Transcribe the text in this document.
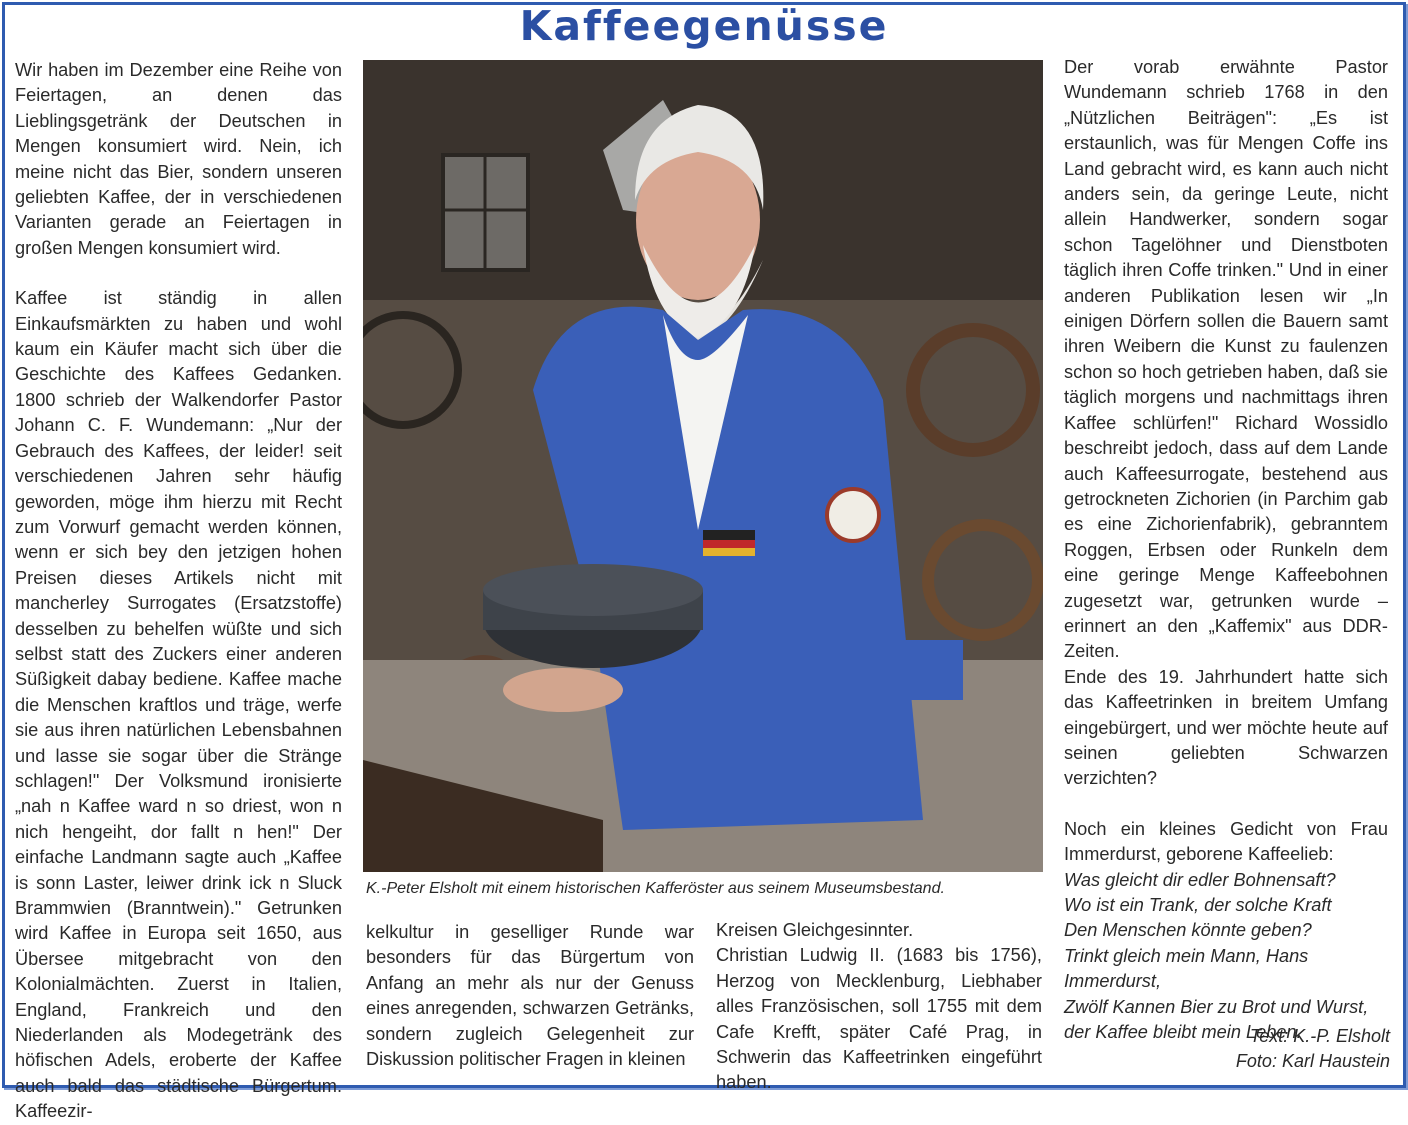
Kaffeegenüsse

Wir haben im Dezember eine Reihe von Feiertagen, an denen das Lieblingsgetränk der Deutschen in Mengen konsumiert wird. Nein, ich meine nicht das Bier, sondern unseren geliebten Kaffee, der in verschiedenen Varianten gerade an Feiertagen in großen Mengen konsumiert wird.

Kaffee ist ständig in allen Einkaufsmärkten zu haben und wohl kaum ein Käufer macht sich über die Geschichte des Kaffees Gedanken. 1800 schrieb der Walkendorfer Pastor Johann C. F. Wundemann: „Nur der Gebrauch des Kaffees, der leider! seit verschiedenen Jahren sehr häufig geworden, möge ihm hierzu mit Recht zum Vorwurf gemacht werden können, wenn er sich bey den jetzigen hohen Preisen dieses Artikels nicht mit mancherley Surrogates (Ersatzstoffe) desselben zu behelfen wüßte und sich selbst statt des Zuckers einer anderen Süßigkeit dabay bediene. Kaffee mache die Menschen kraftlos und träge, werfe sie aus ihren natürlichen Lebensbahnen und lasse sie sogar über die Stränge schlagen!" Der Volksmund ironisierte „nah n Kaffee ward n so driest, won n nich hengeiht, dor fallt n hen!" Der einfache Landmann sagte auch „Kaffee is sonn Laster, leiwer drink ick n Sluck Brammwien (Branntwein)." Getrunken wird Kaffee in Europa seit 1650, aus Übersee mitgebracht von den Kolonialmächten. Zuerst in Italien, England, Frankreich und den Niederlanden als Modegetränk des höfischen Adels, eroberte der Kaffee auch bald das städtische Bürgertum. Kaffeezir-

K.-Peter Elsholt mit einem historischen Kafferöster aus seinem Museumsbestand.

kelkultur in geselliger Runde war besonders für das Bürgertum von Anfang an mehr als nur der Genuss eines anregenden, schwarzen Getränks, sondern zugleich Gelegenheit zur Diskussion politischer Fragen in kleinen

Kreisen Gleichgesinnter.

Christian Ludwig II. (1683 bis 1756), Herzog von Mecklenburg, Liebhaber alles Französischen, soll 1755 mit dem Cafe Krefft, später Café Prag, in Schwerin das Kaffeetrinken eingeführt haben.

Der vorab erwähnte Pastor Wundemann schrieb 1768 in den „Nützlichen Beiträgen": „Es ist erstaunlich, was für Mengen Coffe ins Land gebracht wird, es kann auch nicht anders sein, da geringe Leute, nicht allein Handwerker, sondern sogar schon Tagelöhner und Dienstboten täglich ihren Coffe trinken." Und in einer anderen Publikation lesen wir „In einigen Dörfern sollen die Bauern samt ihren Weibern die Kunst zu faulenzen schon so hoch getrieben haben, daß sie täglich morgens und nachmittags ihren Kaffee schlürfen!" Richard Wossidlo beschreibt jedoch, dass auf dem Lande auch Kaffeesurrogate, bestehend aus getrockneten Zichorien (in Parchim gab es eine Zichorienfabrik), gebranntem Roggen, Erbsen oder Runkeln dem eine geringe Menge Kaffeebohnen zugesetzt war, getrunken wurde – erinnert an den „Kaffemix" aus DDR- Zeiten.

Ende des 19. Jahrhundert hatte sich das Kaffeetrinken in breitem Umfang eingebürgert, und wer möchte heute auf seinen geliebten Schwarzen verzichten?

Noch ein kleines Gedicht von Frau Immerdurst, geborene Kaffeelieb:

Was gleicht dir edler Bohnensaft?
Wo ist ein Trank, der solche Kraft
Den Menschen könnte geben?
Trinkt gleich mein Mann, Hans Immerdurst,
Zwölf Kannen Bier zu Brot und Wurst,
der Kaffee bleibt mein Leben.
Text: K.-P. Elsholt
Foto: Karl Haustein
